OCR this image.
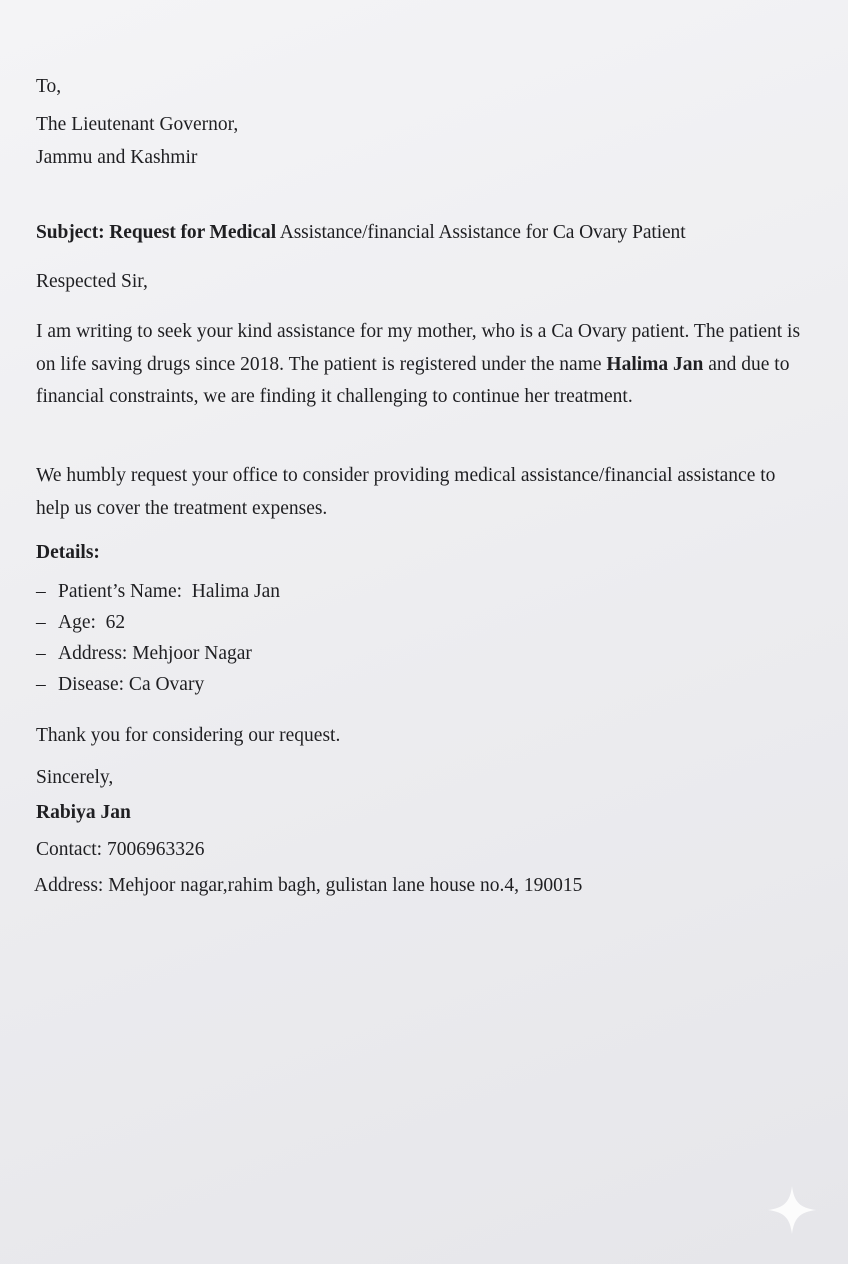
To,
The Lieutenant Governor,
Jammu and Kashmir
Subject: Request for Medical Assistance/financial Assistance for Ca Ovary Patient
Respected Sir,
I am writing to seek your kind assistance for my mother, who is a Ca Ovary patient. The patient is on life saving drugs since 2018. The patient is registered under the name Halima Jan and due to financial constraints, we are finding it challenging to continue her treatment.
We humbly request your office to consider providing medical assistance/financial assistance to help us cover the treatment expenses.
Details:
– Patient’s Name:  Halima Jan
– Age:  62
– Address: Mehjoor Nagar
– Disease: Ca Ovary
Thank you for considering our request.
Sincerely,
Rabiya Jan
Contact: 7006963326
Address: Mehjoor nagar,rahim bagh, gulistan lane house no.4, 190015
